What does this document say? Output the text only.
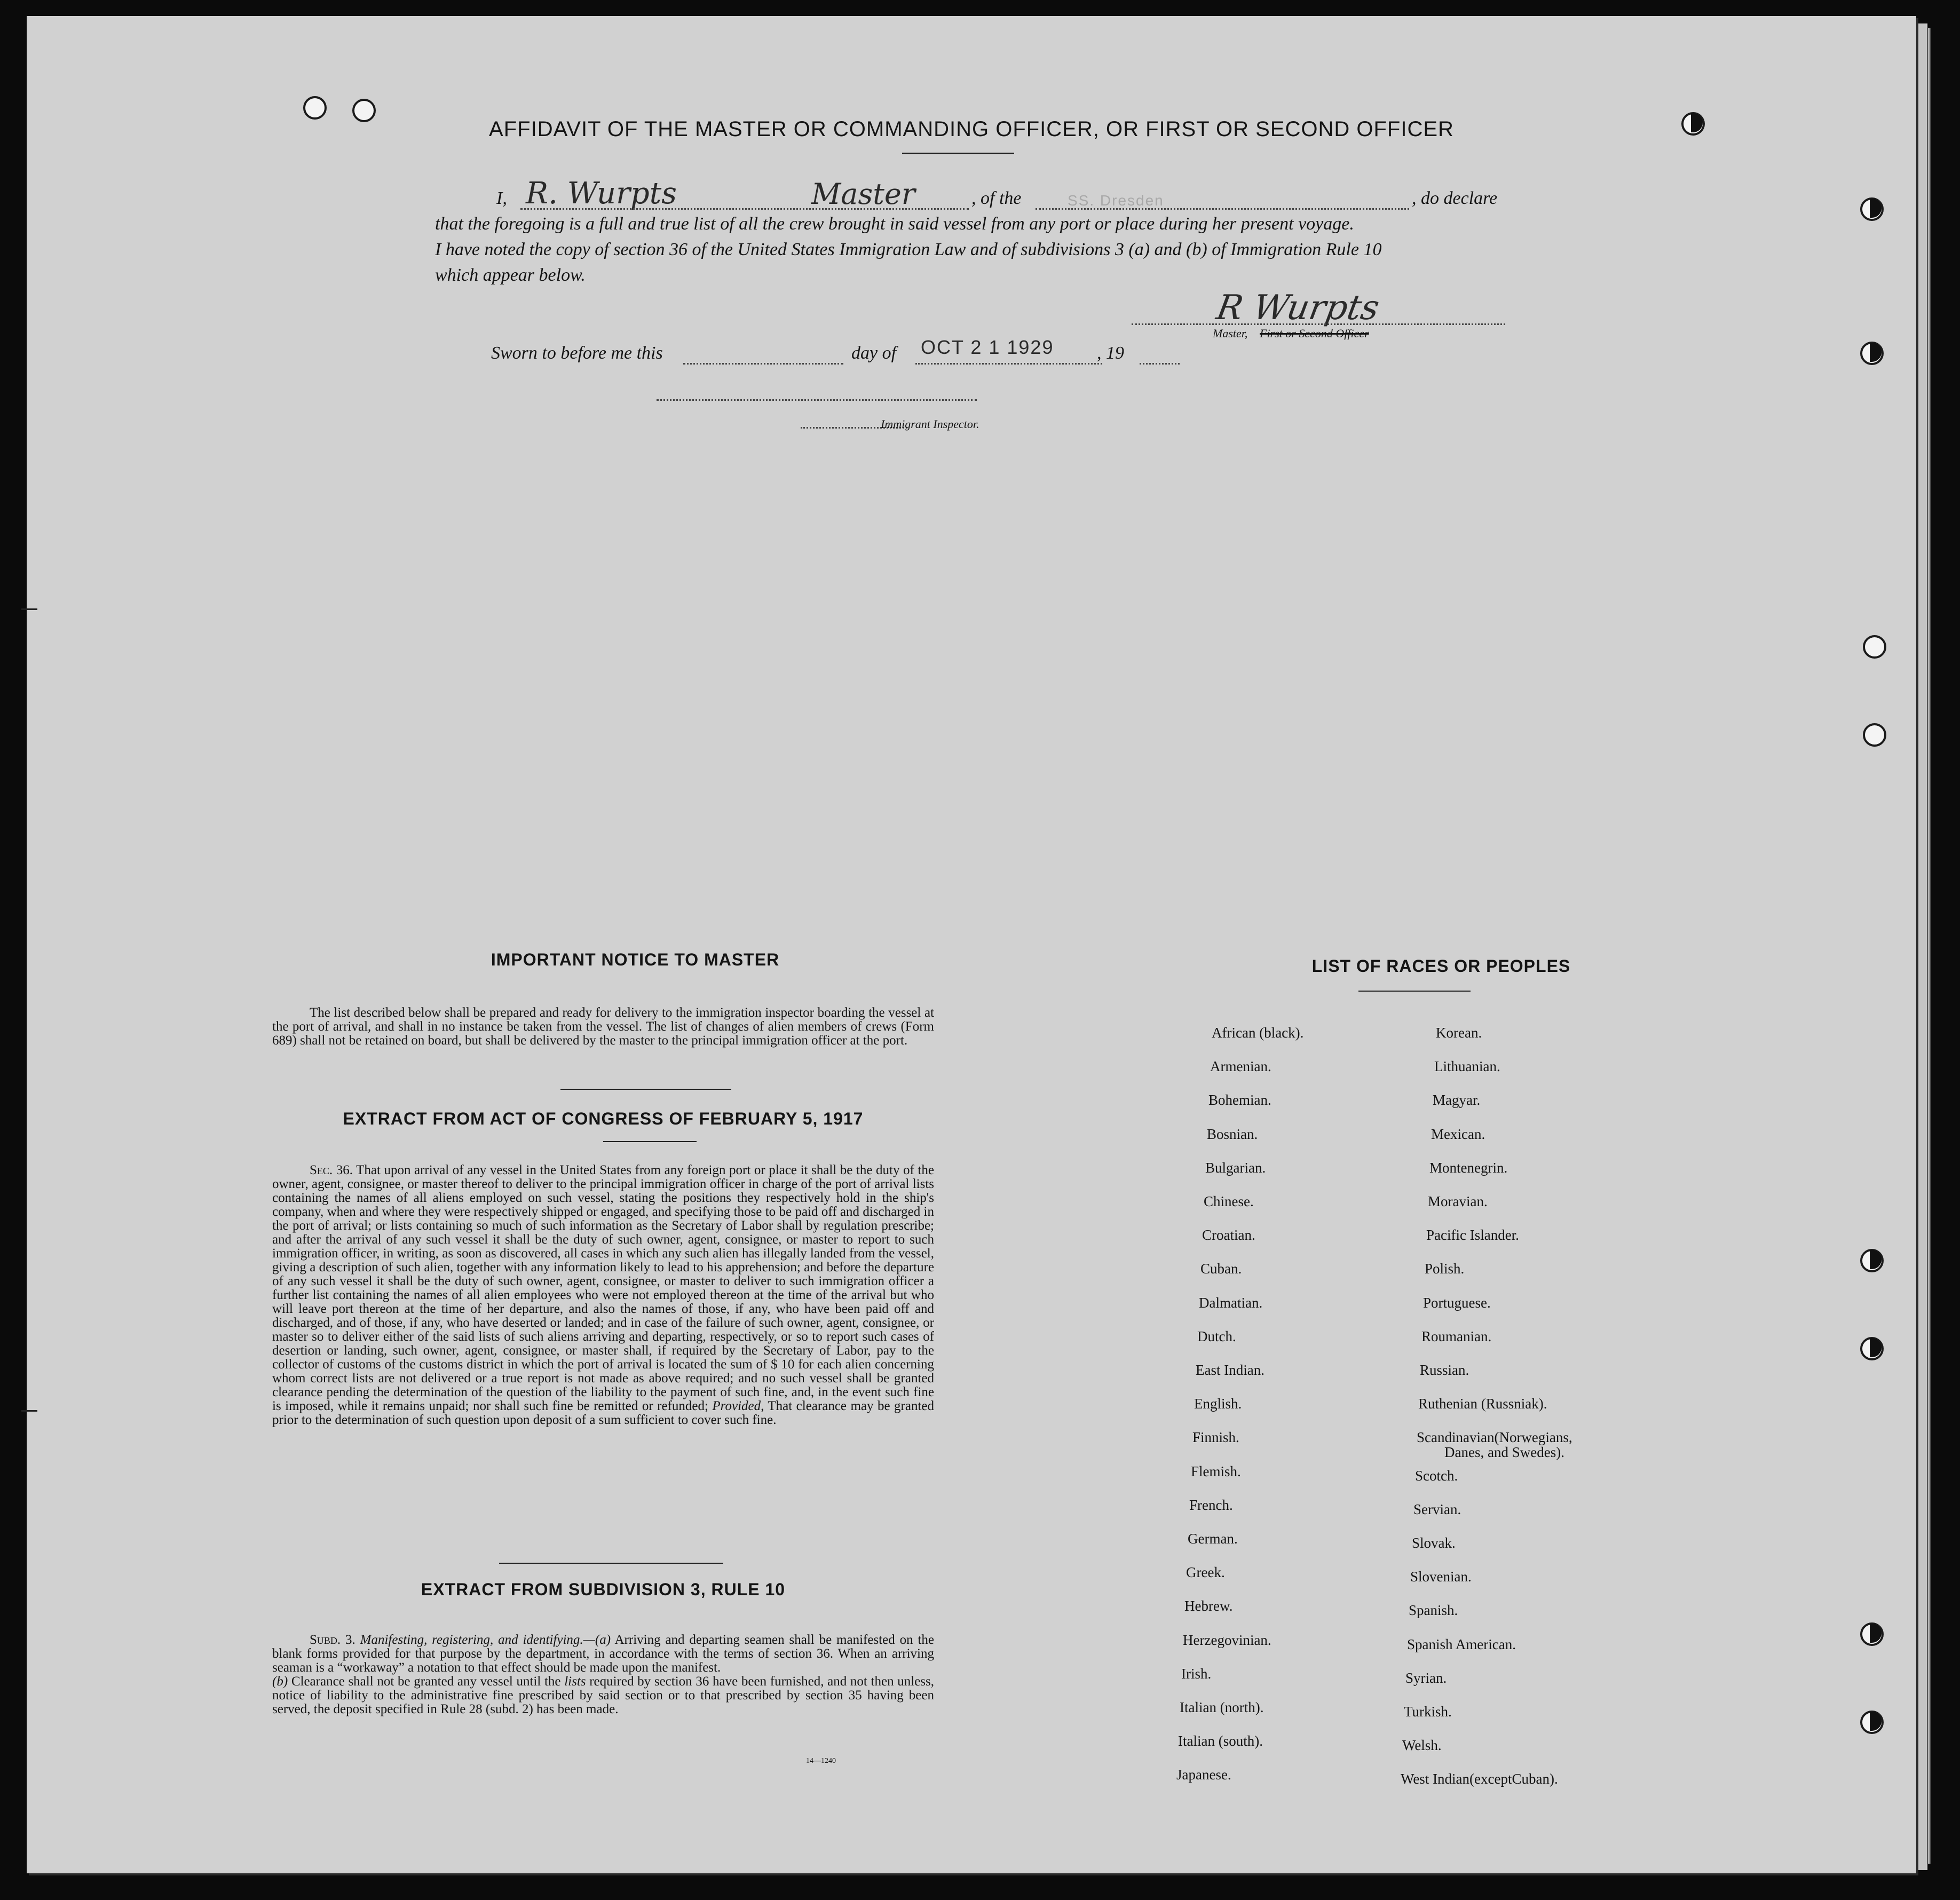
AFFIDAVIT OF THE MASTER OR COMMANDING OFFICER, OR FIRST OR SECOND OFFICER
I, R. Wurpts	Master	, of the	SS. Dresden	, do declare
that the foregoing is a full and true list of all the crew brought in said vessel from any port or place during her present voyage.
I have noted the copy of section 36 of the United States Immigration Law and of subdivisions 3 (a) and (b) of Immigration Rule 10
which appear below.
R Wurpts
Master, First or Second Officer
Sworn to before me this	day of OCT 2 1 1929 , 19
Immigrant Inspector.
IMPORTANT NOTICE TO MASTER
The list described below shall be prepared and ready for delivery to the immigration inspector boarding the vessel at the port of arrival, and shall in no instance be taken from the vessel. The list of changes of alien members of crews (Form 689) shall not be retained on board, but shall be delivered by the master to the principal immigration officer at the port.
EXTRACT FROM ACT OF CONGRESS OF FEBRUARY 5, 1917
Sec. 36. That upon arrival of any vessel in the United States from any foreign port or place it shall be the duty of the owner, agent, consignee, or master thereof to deliver to the principal immigration officer in charge of the port of arrival lists containing the names of all aliens employed on such vessel, stating the positions they respectively hold in the ship's company, when and where they were respectively shipped or engaged, and specifying those to be paid off and discharged in the port of arrival; or lists containing so much of such information as the Secretary of Labor shall by regulation prescribe; and after the arrival of any such vessel it shall be the duty of such owner, agent, consignee, or master to report to such immigration officer, in writing, as soon as discovered, all cases in which any such alien has illegally landed from the vessel, giving a description of such alien, together with any information likely to lead to his apprehension; and before the departure of any such vessel it shall be the duty of such owner, agent, consignee, or master to deliver to such immigration officer a further list containing the names of all alien employees who were not employed thereon at the time of the arrival but who will leave port thereon at the time of her departure, and also the names of those, if any, who have been paid off and discharged, and of those, if any, who have deserted or landed; and in case of the failure of such owner, agent, consignee, or master so to deliver either of the said lists of such aliens arriving and departing, respectively, or so to report such cases of desertion or landing, such owner, agent, consignee, or master shall, if required by the Secretary of Labor, pay to the collector of customs of the customs district in which the port of arrival is located the sum of $ 10 for each alien concerning whom correct lists are not delivered or a true report is not made as above required; and no such vessel shall be granted clearance pending the determination of the question of the liability to the payment of such fine, and, in the event such fine is imposed, while it remains unpaid; nor shall such fine be remitted or refunded; Provided, That clearance may be granted prior to the determination of such question upon deposit of a sum sufficient to cover such fine.
EXTRACT FROM SUBDIVISION 3, RULE 10
Subd. 3. Manifesting, registering, and identifying.—(a) Arriving and departing seamen shall be manifested on the blank forms provided for that purpose by the department, in accordance with the terms of section 36. When an arriving seaman is a “workaway” a notation to that effect should be made upon the manifest.
(b) Clearance shall not be granted any vessel until the lists required by section 36 have been furnished, and not then unless, notice of liability to the administrative fine prescribed by said section or to that prescribed by section 35 having been served, the deposit specified in Rule 28 (subd. 2) has been made.
14—1240
LIST OF RACES OR PEOPLES
African (black).
Armenian.
Bohemian.
Bosnian.
Bulgarian.
Chinese.
Croatian.
Cuban.
Dalmatian.
Dutch.
East Indian.
English.
Finnish.
Flemish.
French.
German.
Greek.
Hebrew.
Herzegovinian.
Irish.
Italian (north).
Italian (south).
Japanese.
Korean.
Lithuanian.
Magyar.
Mexican.
Montenegrin.
Moravian.
Pacific Islander.
Polish.
Portuguese.
Roumanian.
Russian.
Ruthenian (Russniak).
Scandinavian(Norwegians,
Danes, and Swedes).
Scotch.
Servian.
Slovak.
Slovenian.
Spanish.
Spanish American.
Syrian.
Turkish.
Welsh.
West Indian(exceptCuban).
